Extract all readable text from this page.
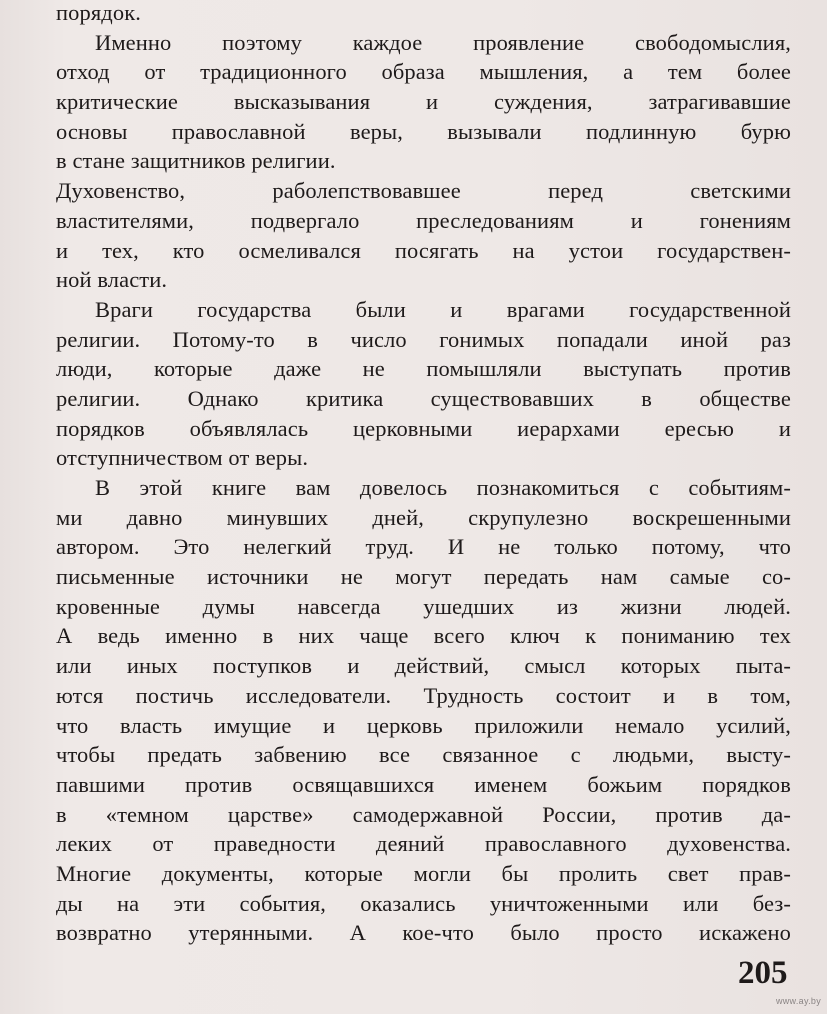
порядок.
Именно поэтому каждое проявление свободомыслия,
отход от традиционного образа мышления, а тем более
критические высказывания и суждения, затрагивавшие
основы православной веры, вызывали подлинную бурю
в стане защитников религии.
Духовенство, раболепствовавшее перед светскими
властителями, подвергало преследованиям и гонениям
и тех, кто осмеливался посягать на устои государствен-
ной власти.
Враги государства были и врагами государственной
религии. Потому-то в число гонимых попадали иной раз
люди, которые даже не помышляли выступать против
религии. Однако критика существовавших в обществе
порядков объявлялась церковными иерархами ересью и
отступничеством от веры.
В этой книге вам довелось познакомиться с событиям-
ми давно минувших дней, скрупулезно воскрешенными
автором. Это нелегкий труд. И не только потому, что
письменные источники не могут передать нам самые со-
кровенные думы навсегда ушедших из жизни людей.
А ведь именно в них чаще всего ключ к пониманию тех
или иных поступков и действий, смысл которых пыта-
ются постичь исследователи. Трудность состоит и в том,
что власть имущие и церковь приложили немало усилий,
чтобы предать забвению все связанное с людьми, высту-
павшими против освящавшихся именем божьим порядков
в «темном царстве» самодержавной России, против да-
леких от праведности деяний православного духовенства.
Многие документы, которые могли бы пролить свет прав-
ды на эти события, оказались уничтоженными или без-
возвратно утерянными. А кое-что было просто искажено
205
www.ay.by
